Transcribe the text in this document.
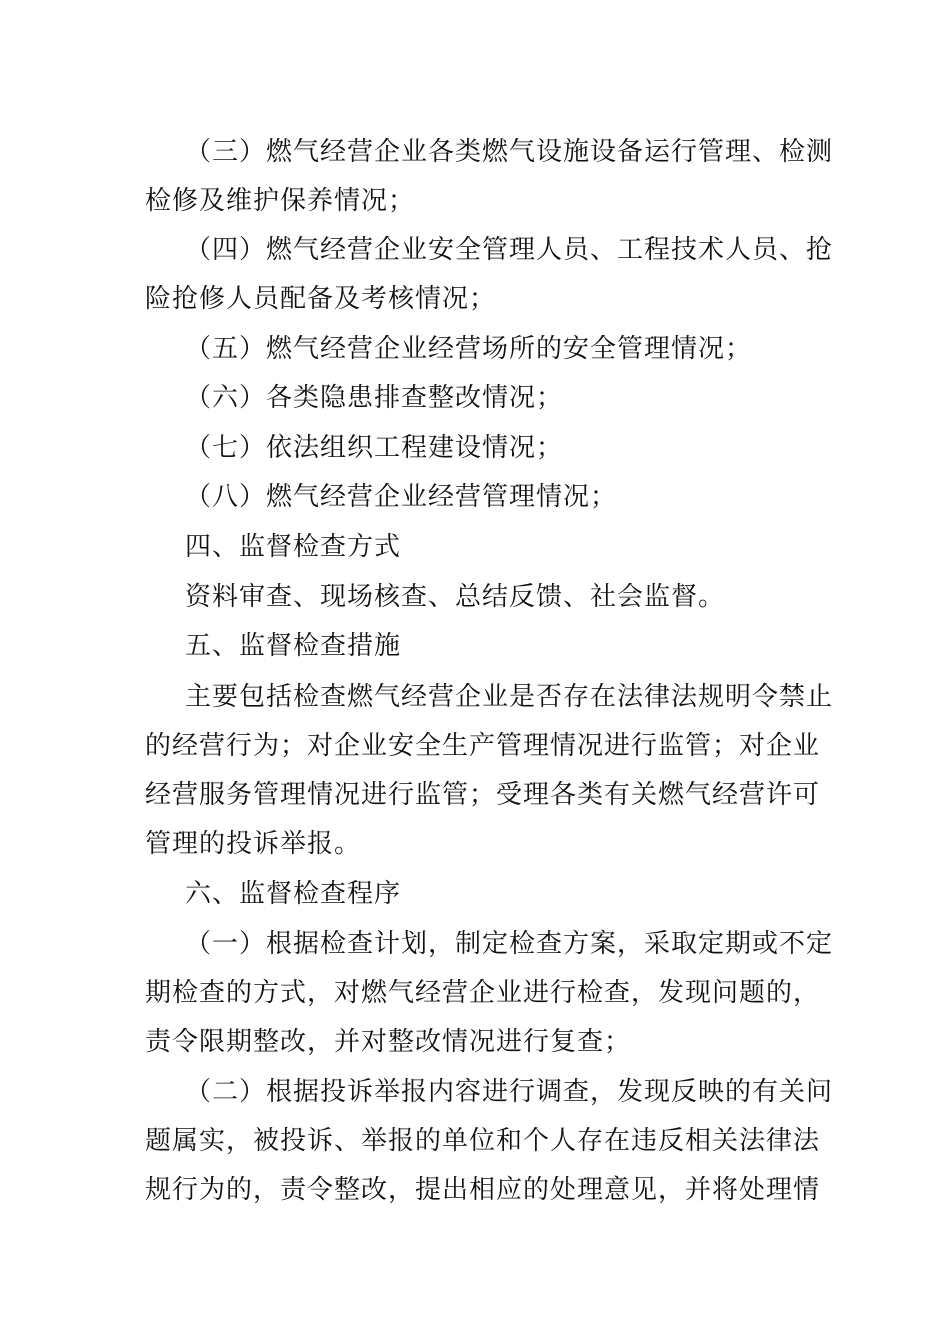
（三）燃气经营企业各类燃气设施设备运行管理、检测
检修及维护保养情况；
（四）燃气经营企业安全管理人员、工程技术人员、抢
险抢修人员配备及考核情况；
（五）燃气经营企业经营场所的安全管理情况；
（六）各类隐患排查整改情况；
（七）依法组织工程建设情况；
（八）燃气经营企业经营管理情况；
四、监督检查方式
资料审查、现场核查、总结反馈、社会监督。
五、监督检查措施
主要包括检查燃气经营企业是否存在法律法规明令禁止
的经营行为；对企业安全生产管理情况进行监管；对企业
经营服务管理情况进行监管；受理各类有关燃气经营许可
管理的投诉举报。
六、监督检查程序
（一）根据检查计划，制定检查方案，采取定期或不定
期检查的方式，对燃气经营企业进行检查，发现问题的，
责令限期整改，并对整改情况进行复查；
（二）根据投诉举报内容进行调查，发现反映的有关问
题属实，被投诉、举报的单位和个人存在违反相关法律法
规行为的，责令整改，提出相应的处理意见，并将处理情
